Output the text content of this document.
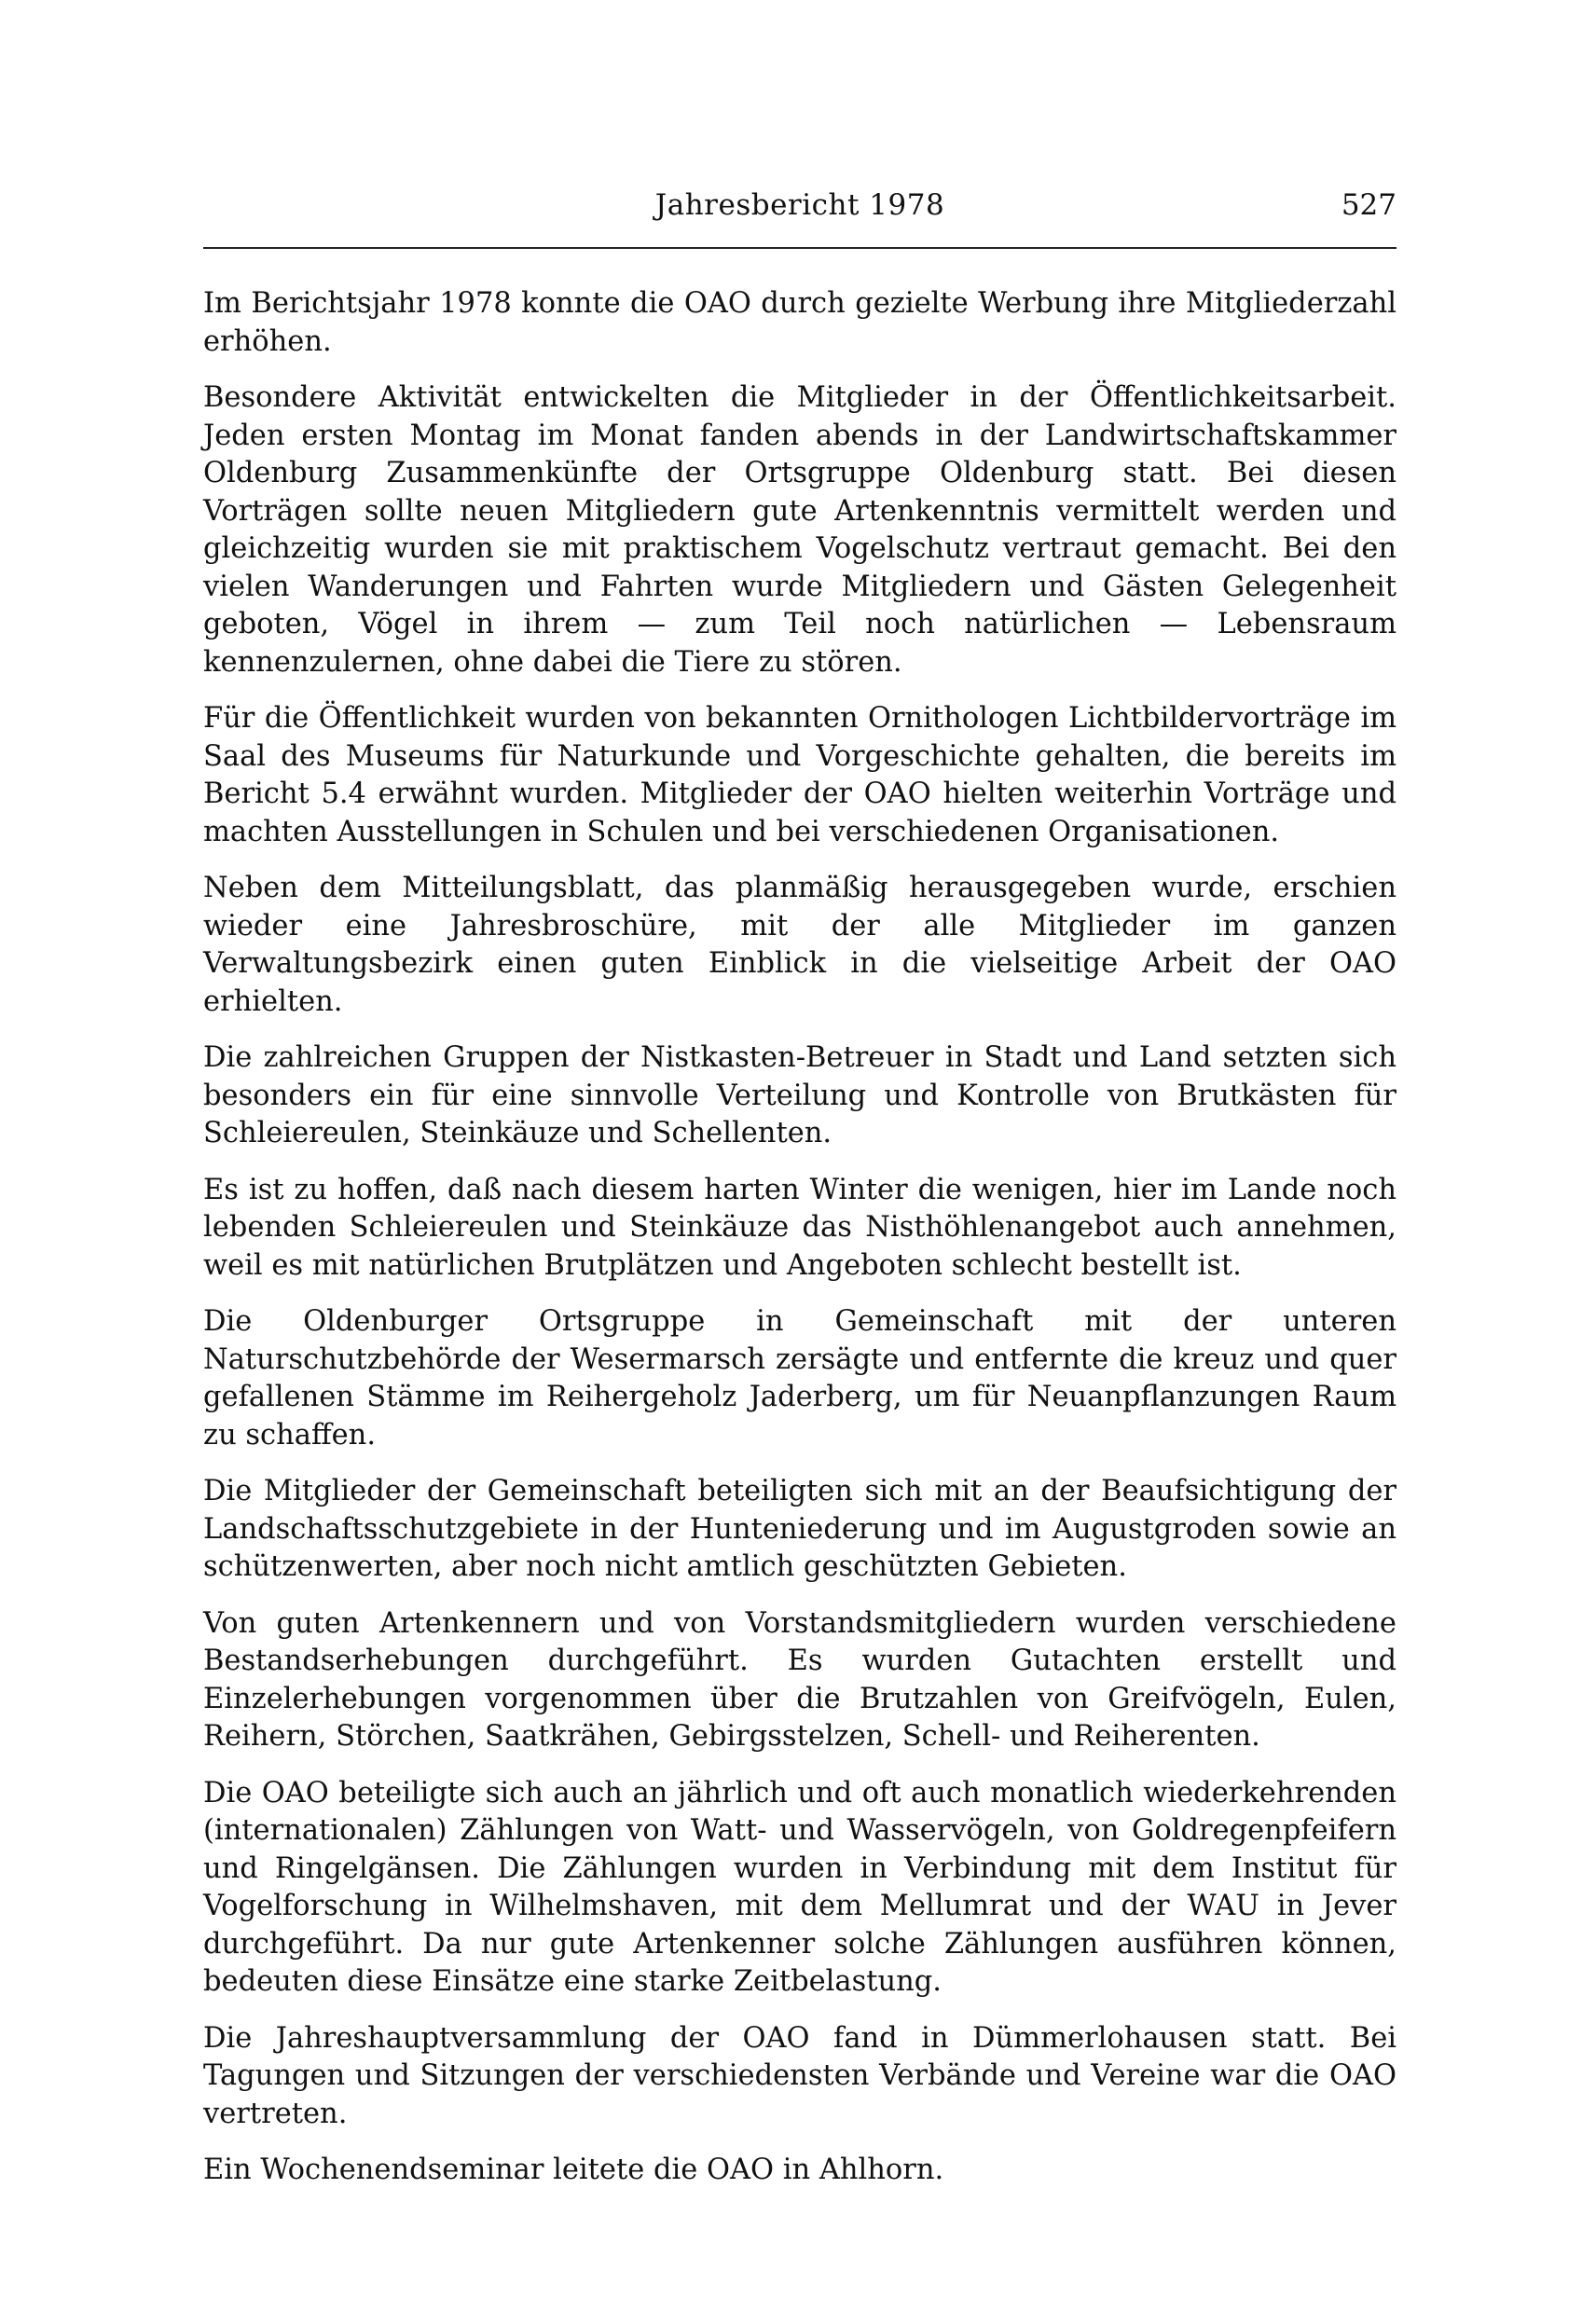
Jahresbericht 1978	527

Im Berichtsjahr 1978 konnte die OAO durch gezielte Werbung ihre Mitgliederzahl erhöhen.

Besondere Aktivität entwickelten die Mitglieder in der Öffentlichkeitsarbeit. Jeden ersten Montag im Monat fanden abends in der Landwirtschaftskammer Oldenburg Zusammenkünfte der Ortsgruppe Oldenburg statt. Bei diesen Vorträgen sollte neuen Mitgliedern gute Artenkenntnis vermittelt werden und gleichzeitig wurden sie mit praktischem Vogelschutz vertraut gemacht. Bei den vielen Wanderungen und Fahrten wurde Mitgliedern und Gästen Gelegenheit geboten, Vögel in ihrem — zum Teil noch natürlichen — Lebensraum kennenzulernen, ohne dabei die Tiere zu stören.

Für die Öffentlichkeit wurden von bekannten Ornithologen Lichtbildervorträge im Saal des Museums für Naturkunde und Vorgeschichte gehalten, die bereits im Bericht 5.4 erwähnt wurden. Mitglieder der OAO hielten weiterhin Vorträge und machten Ausstellungen in Schulen und bei verschiedenen Organisationen.

Neben dem Mitteilungsblatt, das planmäßig herausgegeben wurde, erschien wieder eine Jahresbroschüre, mit der alle Mitglieder im ganzen Verwaltungsbezirk einen guten Einblick in die vielseitige Arbeit der OAO erhielten.

Die zahlreichen Gruppen der Nistkasten-Betreuer in Stadt und Land setzten sich besonders ein für eine sinnvolle Verteilung und Kontrolle von Brutkästen für Schleiereulen, Steinkäuze und Schellenten.

Es ist zu hoffen, daß nach diesem harten Winter die wenigen, hier im Lande noch lebenden Schleiereulen und Steinkäuze das Nisthöhlenangebot auch annehmen, weil es mit natürlichen Brutplätzen und Angeboten schlecht bestellt ist.

Die Oldenburger Ortsgruppe in Gemeinschaft mit der unteren Naturschutzbehörde der Wesermarsch zersägte und entfernte die kreuz und quer gefallenen Stämme im Reihergeholz Jaderberg, um für Neuanpflanzungen Raum zu schaffen.

Die Mitglieder der Gemeinschaft beteiligten sich mit an der Beaufsichtigung der Landschaftsschutzgebiete in der Hunteniederung und im Augustgroden sowie an schützenwerten, aber noch nicht amtlich geschützten Gebieten.

Von guten Artenkennern und von Vorstandsmitgliedern wurden verschiedene Bestandserhebungen durchgeführt. Es wurden Gutachten erstellt und Einzelerhebungen vorgenommen über die Brutzahlen von Greifvögeln, Eulen, Reihern, Störchen, Saatkrähen, Gebirgsstelzen, Schell- und Reiherenten.

Die OAO beteiligte sich auch an jährlich und oft auch monatlich wiederkehrenden (internationalen) Zählungen von Watt- und Wasservögeln, von Goldregenpfeifern und Ringelgänsen. Die Zählungen wurden in Verbindung mit dem Institut für Vogelforschung in Wilhelmshaven, mit dem Mellumrat und der WAU in Jever durchgeführt. Da nur gute Artenkenner solche Zählungen ausführen können, bedeuten diese Einsätze eine starke Zeitbelastung.

Die Jahreshauptversammlung der OAO fand in Dümmerlohausen statt. Bei Tagungen und Sitzungen der verschiedensten Verbände und Vereine war die OAO vertreten.

Ein Wochenendseminar leitete die OAO in Ahlhorn.
